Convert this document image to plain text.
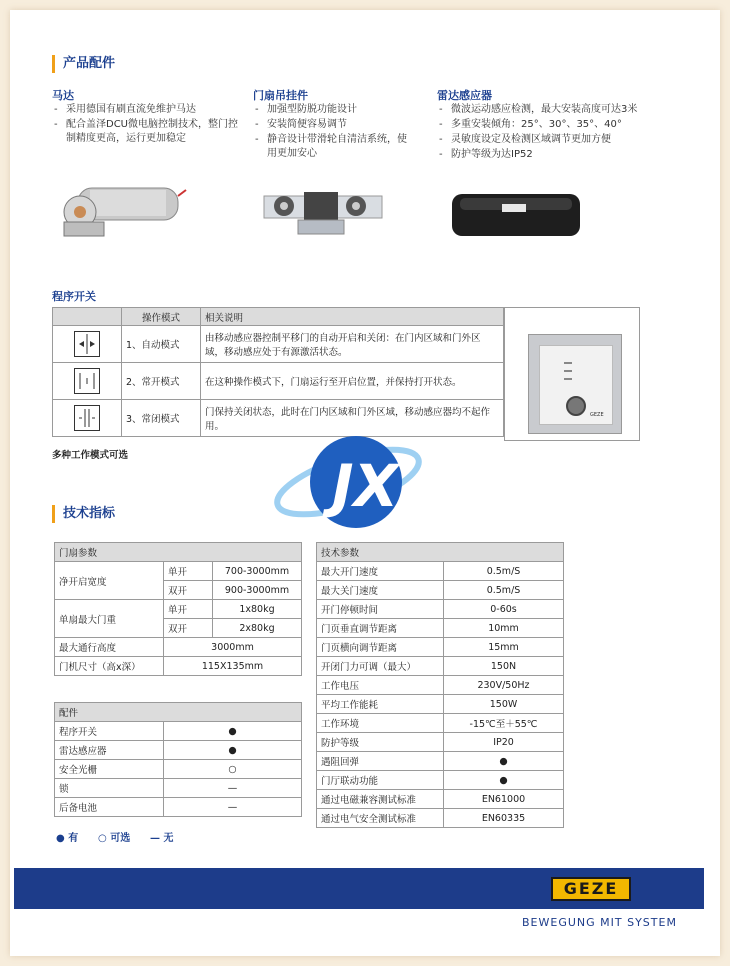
产品配件
马达
- 采用德国有刷直流免维护马达
- 配合盖泽DCU微电脑控制技术，整门控制精度更高，运行更加稳定
门扇吊挂件
- 加强型防脱功能设计
- 安装简便容易调节
- 静音设计带滑轮自清洁系统，使用更加安心
雷达感应器
- 微波运动感应检测，最大安装高度可达3米
- 多重安装倾角：25°、30°、35°、40°
- 灵敏度设定及检测区域调节更加方便
- 防护等级为达IP52
程序开关
	操作模式	相关说明
	1、自动模式	由移动感应器控制平移门的自动开启和关闭：在门内区域和门外区域，移动感应处于有源激活状态。
	2、常开模式	在这种操作模式下，门扇运行至开启位置，并保持打开状态。
	3、常闭模式	门保持关闭状态，此时在门内区域和门外区域，移动感应器均不起作用。
GEZE
多种工作模式可选	JX
技术指标
门扇参数		
净开启宽度	单开	700-3000mm
	双开	900-3000mm
单扇最大门重	单开	1x80kg
	双开	2x80kg
最大通行高度	3000mm	
门机尺寸（高x深）	115X135mm	
配件	
程序开关	●
雷达感应器	●
安全光栅	○
锁	—
后备电池	—
● 有 ○ 可选 — 无
技术参数	
最大开门速度	0.5m/S
最大关门速度	0.5m/S
开门停顿时间	0-60s
门页垂直调节距离	10mm
门页横向调节距离	15mm
开闭门力可调（最大）	150N
工作电压	230V/50Hz
平均工作能耗	150W
工作环境	-15℃至＋55℃
防护等级	IP20
遇阻回弹	●
门厅联动功能	●
通过电磁兼容测试标准	EN61000
通过电气安全测试标准	EN60335
GEZE
BEWEGUNG MIT SYSTEM
